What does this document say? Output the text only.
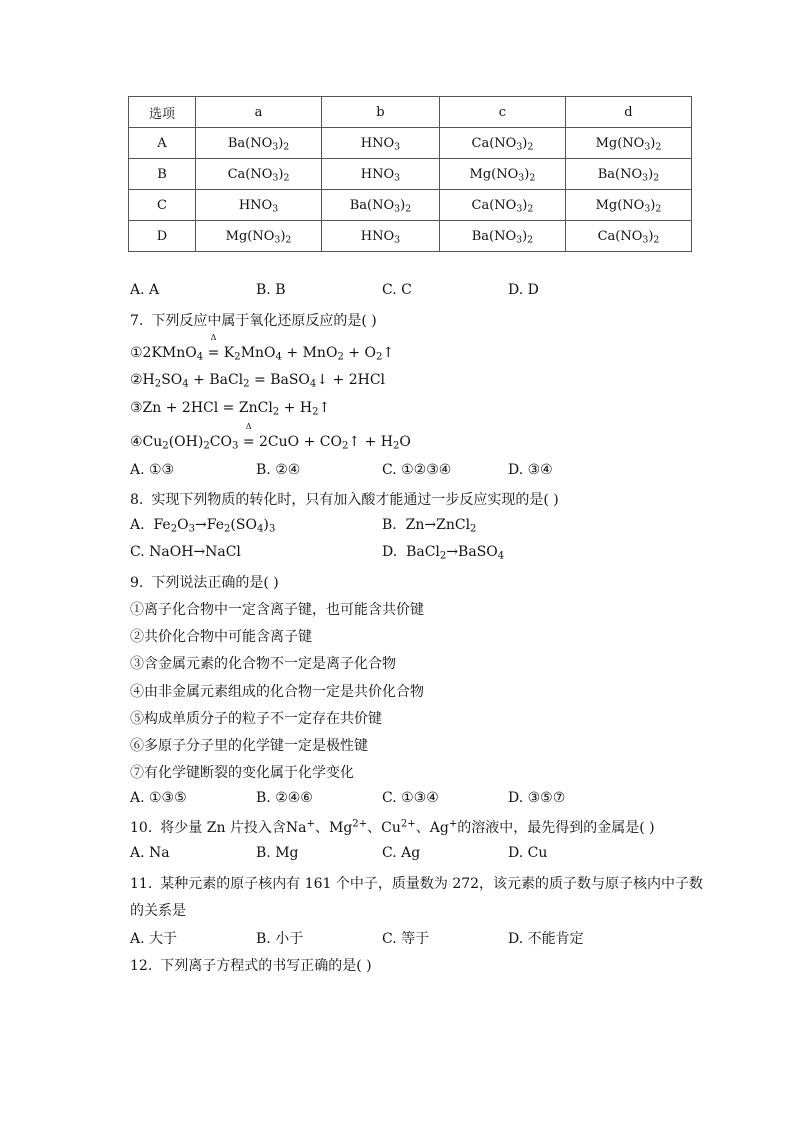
选项	a	b	c	d
A	$Ba(NO_3)_2$	$HNO_3$	$Ca(NO_3)_2$	$Mg(NO_3)_2$
B	$Ca(NO_3)_2$	$HNO_3$	$Mg(NO_3)_2$	$Ba(NO_3)_2$
C	$HNO_3$	$Ba(NO_3)_2$	$Ca(NO_3)_2$	$Mg(NO_3)_2$
D	$Mg(NO_3)_2$	$HNO_3$	$Ba(NO_3)_2$	$Ca(NO_3)_2$
A. A	B. B	C. C	D. D
7. 下列反应中属于氧化还原反应的是( )
①2KMnO$_4$ =
Δ
$K_2MnO_4 + MnO_2$ + $O_2↑$
$②H_2SO_4$ + BaCl$_2$ = BaSO$_4$↓ + 2HCl
③Zn + 2HCl = ZnCl$_2$ + $H_2↑$
$④Cu_2(OH)_2CO_3$ =
Δ
$2CuO + CO_2↑ + H_2O$
A. ①③	B. ②④	C. ①②③④	D. ③④
8. 实现下列物质的转化时，只有加入酸才能通过一步反应实现的是( )
A.  $Fe_2O_3\to Fe_2(SO_4)_3$	B.  Zn→ZnCl$_2$
C. NaOH→NaCl	D.  BaCl$_2$→BaSO$_4$
9. 下列说法正确的是( )
①离子化合物中一定含离子键，也可能含共价键
②共价化合物中可能含离子键
③含金属元素的化合物不一定是离子化合物
④由非金属元素组成的化合物一定是共价化合物
⑤构成单质分子的粒子不一定存在共价键
⑥多原子分子里的化学键一定是极性键
⑦有化学键断裂的变化属于化学变化
A. ①③⑤	B. ②④⑥	C. ①③④	D. ③⑤⑦
10. 将少量 Zn 片投入含Na+、$Mg^{2+}$、$Cu^{2+}$、Ag+的溶液中，最先得到的金属是( )
A. Na	B. Mg	C. Ag	D. Cu
11. 某种元素的原子核内有 161 个中子，质量数为 272，该元素的质子数与原子核内中子数
的关系是
A. 大于	B. 小于	C. 等于	D. 不能肯定
12. 下列离子方程式的书写正确的是( )
